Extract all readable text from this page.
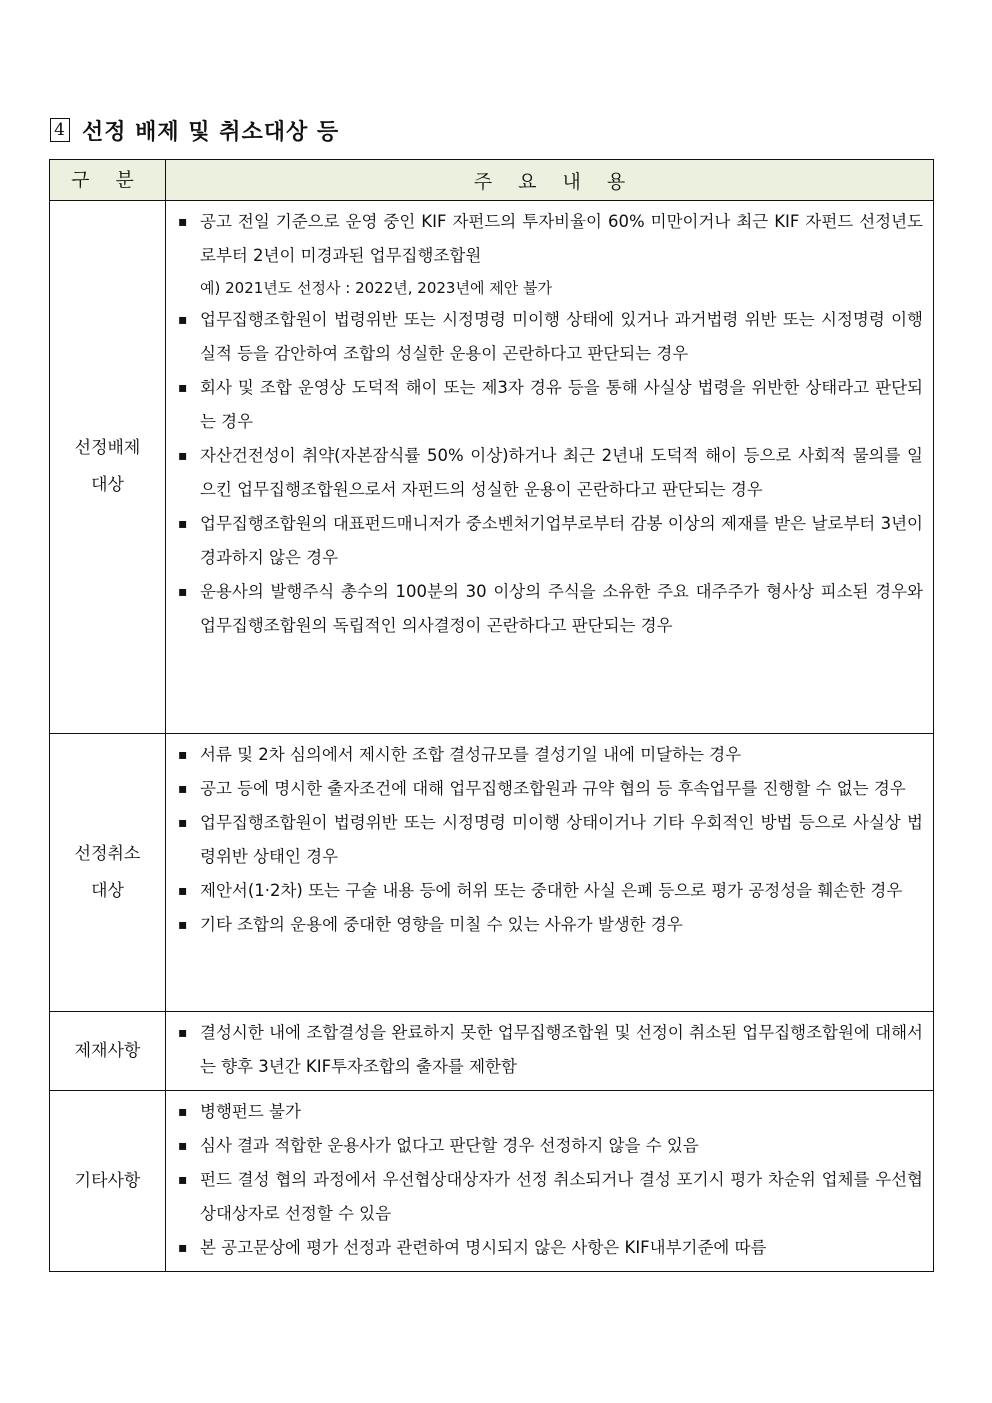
4 선정 배제 및 취소대상 등
구 분	주 요 내 용
선정배제
대상
▪ 공고 전일 기준으로 운영 중인 KIF 자펀드의 투자비율이 60% 미만이거나 최근 KIF 자펀드 선정년도로부터 2년이 미경과된 업무집행조합원
예) 2021년도 선정사 : 2022년, 2023년에 제안 불가
▪ 업무집행조합원이 법령위반 또는 시정명령 미이행 상태에 있거나 과거법령 위반 또는 시정명령 이행실적 등을 감안하여 조합의 성실한 운용이 곤란하다고 판단되는 경우
▪ 회사 및 조합 운영상 도덕적 해이 또는 제3자 경유 등을 통해 사실상 법령을 위반한 상태라고 판단되는 경우
▪ 자산건전성이 취약(자본잠식률 50% 이상)하거나 최근 2년내 도덕적 해이 등으로 사회적 물의를 일으킨 업무집행조합원으로서 자펀드의 성실한 운용이 곤란하다고 판단되는 경우
▪ 업무집행조합원의 대표펀드매니저가 중소벤처기업부로부터 감봉 이상의 제재를 받은 날로부터 3년이 경과하지 않은 경우
▪ 운용사의 발행주식 총수의 100분의 30 이상의 주식을 소유한 주요 대주주가 형사상 피소된 경우와 업무집행조합원의 독립적인 의사결정이 곤란하다고 판단되는 경우
선정취소
대상
▪ 서류 및 2차 심의에서 제시한 조합 결성규모를 결성기일 내에 미달하는 경우
▪ 공고 등에 명시한 출자조건에 대해 업무집행조합원과 규약 협의 등 후속업무를 진행할 수 없는 경우
▪ 업무집행조합원이 법령위반 또는 시정명령 미이행 상태이거나 기타 우회적인 방법 등으로 사실상 법령위반 상태인 경우
▪ 제안서(1·2차) 또는 구술 내용 등에 허위 또는 중대한 사실 은폐 등으로 평가 공정성을 훼손한 경우
▪ 기타 조합의 운용에 중대한 영향을 미칠 수 있는 사유가 발생한 경우
제재사항
▪ 결성시한 내에 조합결성을 완료하지 못한 업무집행조합원 및 선정이 취소된 업무집행조합원에 대해서는 향후 3년간 KIF투자조합의 출자를 제한함
기타사항
▪ 병행펀드 불가
▪ 심사 결과 적합한 운용사가 없다고 판단할 경우 선정하지 않을 수 있음
▪ 펀드 결성 협의 과정에서 우선협상대상자가 선정 취소되거나 결성 포기시 평가 차순위 업체를 우선협상대상자로 선정할 수 있음
▪ 본 공고문상에 평가 선정과 관련하여 명시되지 않은 사항은 KIF내부기준에 따름
